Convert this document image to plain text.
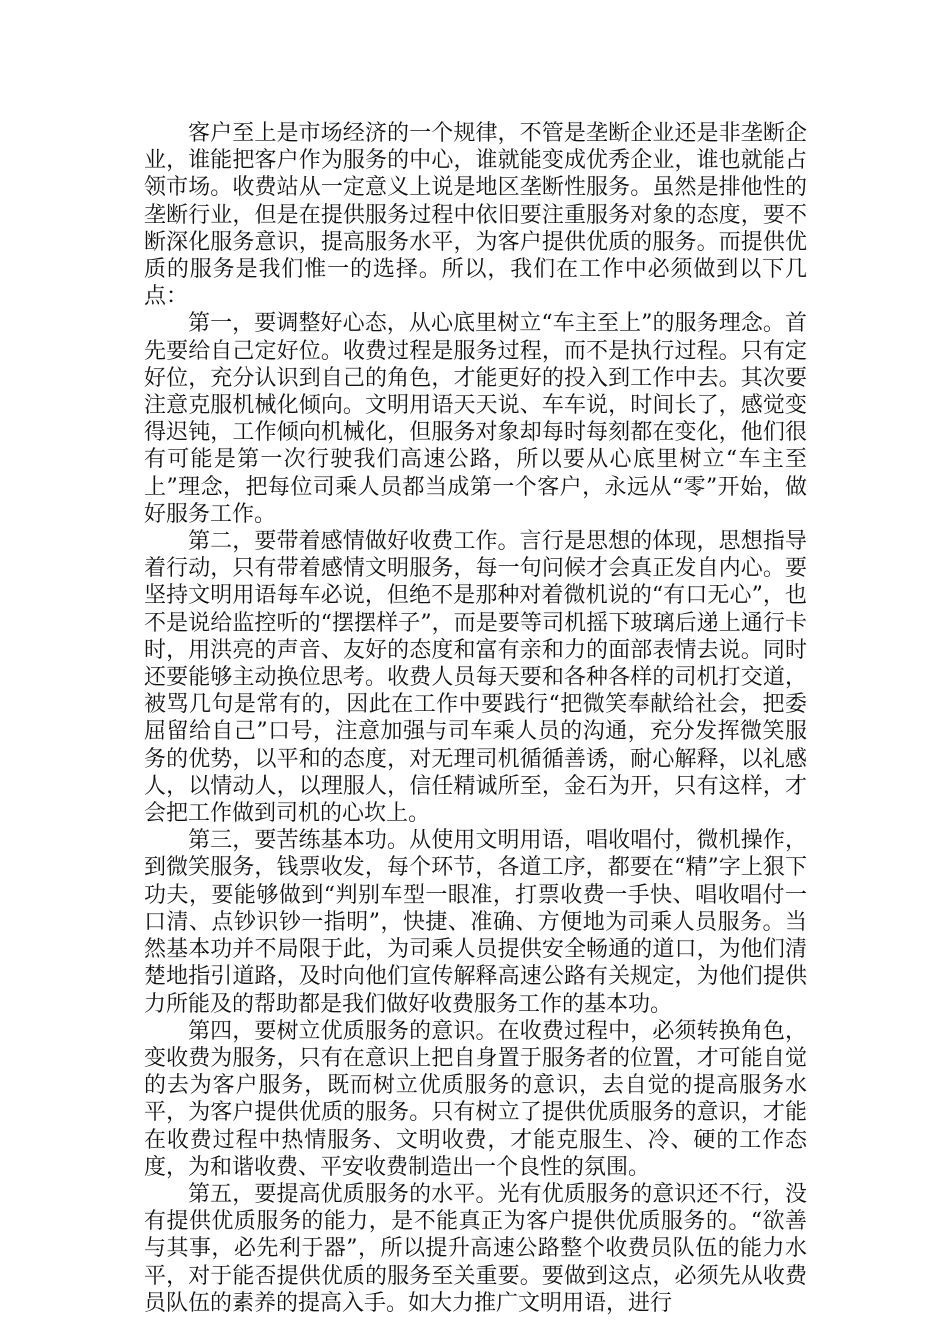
客户至上是市场经济的一个规律，不管是垄断企业还是非垄断企业，谁能把客户作为服务的中心，谁就能变成优秀企业，谁也就能占领市场。收费站从一定意义上说是地区垄断性服务。虽然是排他性的垄断行业，但是在提供服务过程中依旧要注重服务对象的态度，要不断深化服务意识，提高服务水平，为客户提供优质的服务。而提供优质的服务是我们惟一的选择。所以，我们在工作中必须做到以下几点：

第一，要调整好心态，从心底里树立“车主至上”的服务理念。首先要给自己定好位。收费过程是服务过程，而不是执行过程。只有定好位，充分认识到自己的角色，才能更好的投入到工作中去。其次要注意克服机械化倾向。文明用语天天说、车车说，时间长了，感觉变得迟钝，工作倾向机械化，但服务对象却每时每刻都在变化，他们很有可能是第一次行驶我们高速公路，所以要从心底里树立“车主至上”理念，把每位司乘人员都当成第一个客户，永远从“零”开始，做好服务工作。

第二，要带着感情做好收费工作。言行是思想的体现，思想指导着行动，只有带着感情文明服务，每一句问候才会真正发自内心。要坚持文明用语每车必说，但绝不是那种对着微机说的“有口无心”，也不是说给监控听的“摆摆样子”，而是要等司机摇下玻璃后递上通行卡时，用洪亮的声音、友好的态度和富有亲和力的面部表情去说。同时还要能够主动换位思考。收费人员每天要和各种各样的司机打交道，被骂几句是常有的，因此在工作中要践行“把微笑奉献给社会，把委屈留给自己”口号，注意加强与司车乘人员的沟通，充分发挥微笑服务的优势，以平和的态度，对无理司机循循善诱，耐心解释，以礼感人，以情动人，以理服人，信任精诚所至，金石为开，只有这样，才会把工作做到司机的心坎上。

第三，要苦练基本功。从使用文明用语，唱收唱付，微机操作，到微笑服务，钱票收发，每个环节，各道工序，都要在“精”字上狠下功夫，要能够做到“判别车型一眼准，打票收费一手快、唱收唱付一口清、点钞识钞一指明”，快捷、准确、方便地为司乘人员服务。当然基本功并不局限于此，为司乘人员提供安全畅通的道口，为他们清楚地指引道路，及时向他们宣传解释高速公路有关规定，为他们提供力所能及的帮助都是我们做好收费服务工作的基本功。

第四，要树立优质服务的意识。在收费过程中，必须转换角色，变收费为服务，只有在意识上把自身置于服务者的位置，才可能自觉的去为客户服务，既而树立优质服务的意识，去自觉的提高服务水平，为客户提供优质的服务。只有树立了提供优质服务的意识，才能在收费过程中热情服务、文明收费，才能克服生、冷、硬的工作态度，为和谐收费、平安收费制造出一个良性的氛围。

第五，要提高优质服务的水平。光有优质服务的意识还不行，没有提供优质服务的能力，是不能真正为客户提供优质服务的。“欲善与其事，必先利于器”，所以提升高速公路整个收费员队伍的能力水平，对于能否提供优质的服务至关重要。要做到这点，必须先从收费员队伍的素养的提高入手。如大力推广文明用语，进行
